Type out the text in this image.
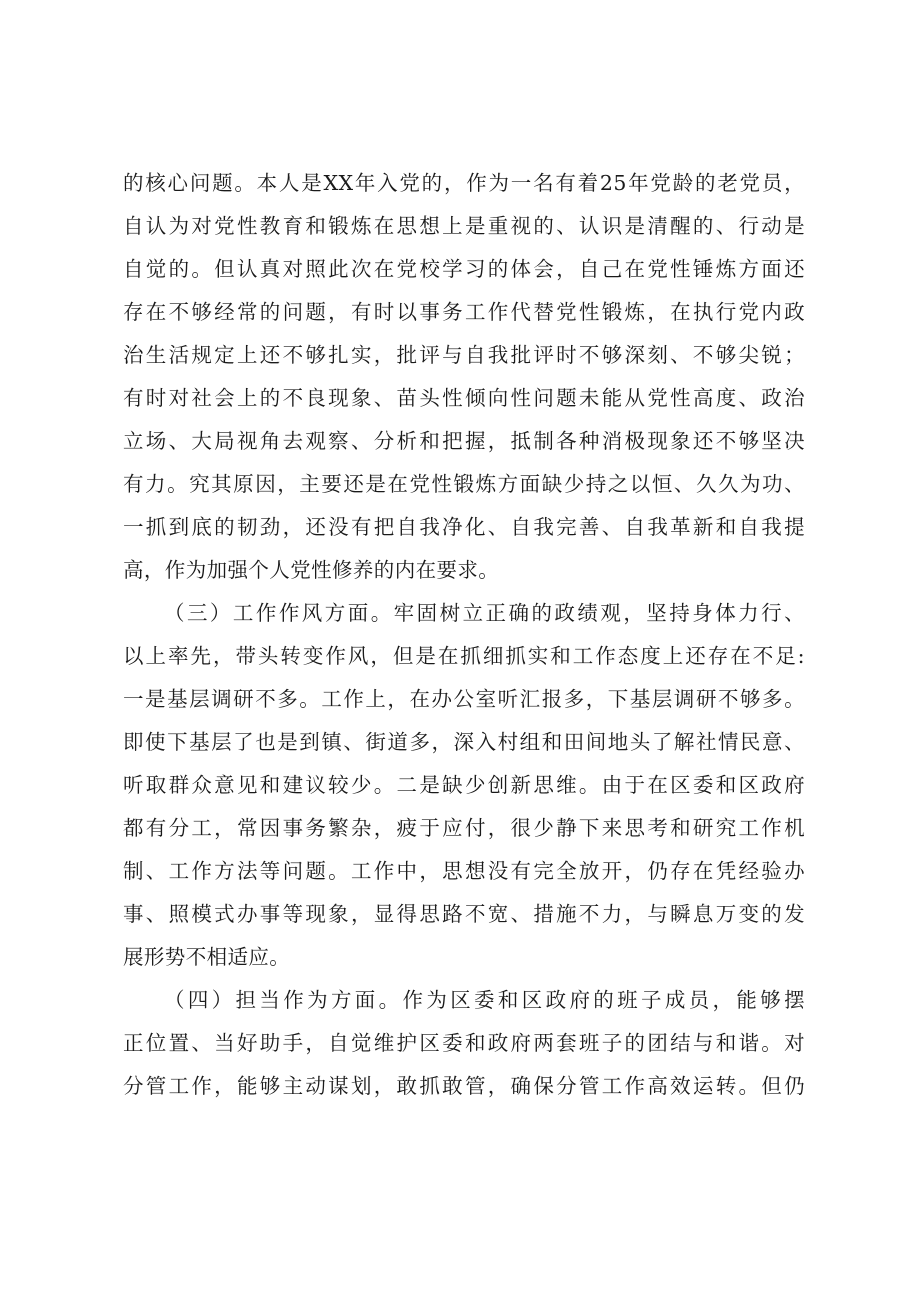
的核心问题。本人是XX年入党的，作为一名有着25年党龄的老党员，
自认为对党性教育和锻炼在思想上是重视的、认识是清醒的、行动是
自觉的。但认真对照此次在党校学习的体会，自己在党性锤炼方面还
存在不够经常的问题，有时以事务工作代替党性锻炼，在执行党内政
治生活规定上还不够扎实，批评与自我批评时不够深刻、不够尖锐；
有时对社会上的不良现象、苗头性倾向性问题未能从党性高度、政治
立场、大局视角去观察、分析和把握，抵制各种消极现象还不够坚决
有力。究其原因，主要还是在党性锻炼方面缺少持之以恒、久久为功、
一抓到底的韧劲，还没有把自我净化、自我完善、自我革新和自我提
高，作为加强个人党性修养的内在要求。
（三）工作作风方面。牢固树立正确的政绩观，坚持身体力行、
以上率先，带头转变作风，但是在抓细抓实和工作态度上还存在不足:
一是基层调研不多。工作上，在办公室听汇报多，下基层调研不够多。
即使下基层了也是到镇、街道多，深入村组和田间地头了解社情民意、
听取群众意见和建议较少。二是缺少创新思维。由于在区委和区政府
都有分工，常因事务繁杂，疲于应付，很少静下来思考和研究工作机
制、工作方法等问题。工作中，思想没有完全放开，仍存在凭经验办
事、照模式办事等现象，显得思路不宽、措施不力，与瞬息万变的发
展形势不相适应。
（四）担当作为方面。作为区委和区政府的班子成员，能够摆
正位置、当好助手，自觉维护区委和政府两套班子的团结与和谐。对
分管工作，能够主动谋划，敢抓敢管，确保分管工作高效运转。但仍
